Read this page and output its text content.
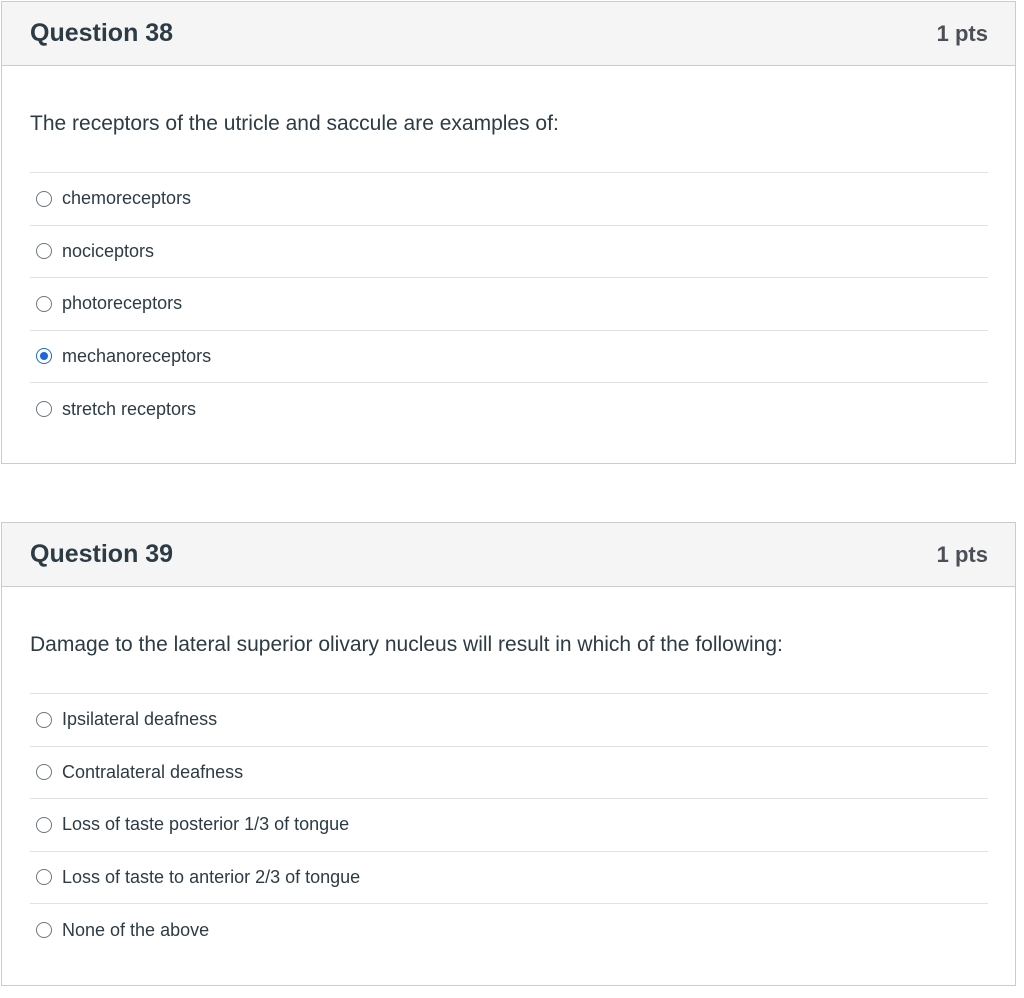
Question 38	1 pts
The receptors of the utricle and saccule are examples of:
chemoreceptors
nociceptors
photoreceptors
mechanoreceptors
stretch receptors
Question 39	1 pts
Damage to the lateral superior olivary nucleus will result in which of the following:
Ipsilateral deafness
Contralateral deafness
Loss of taste posterior 1/3 of tongue
Loss of taste to anterior 2/3 of tongue
None of the above
